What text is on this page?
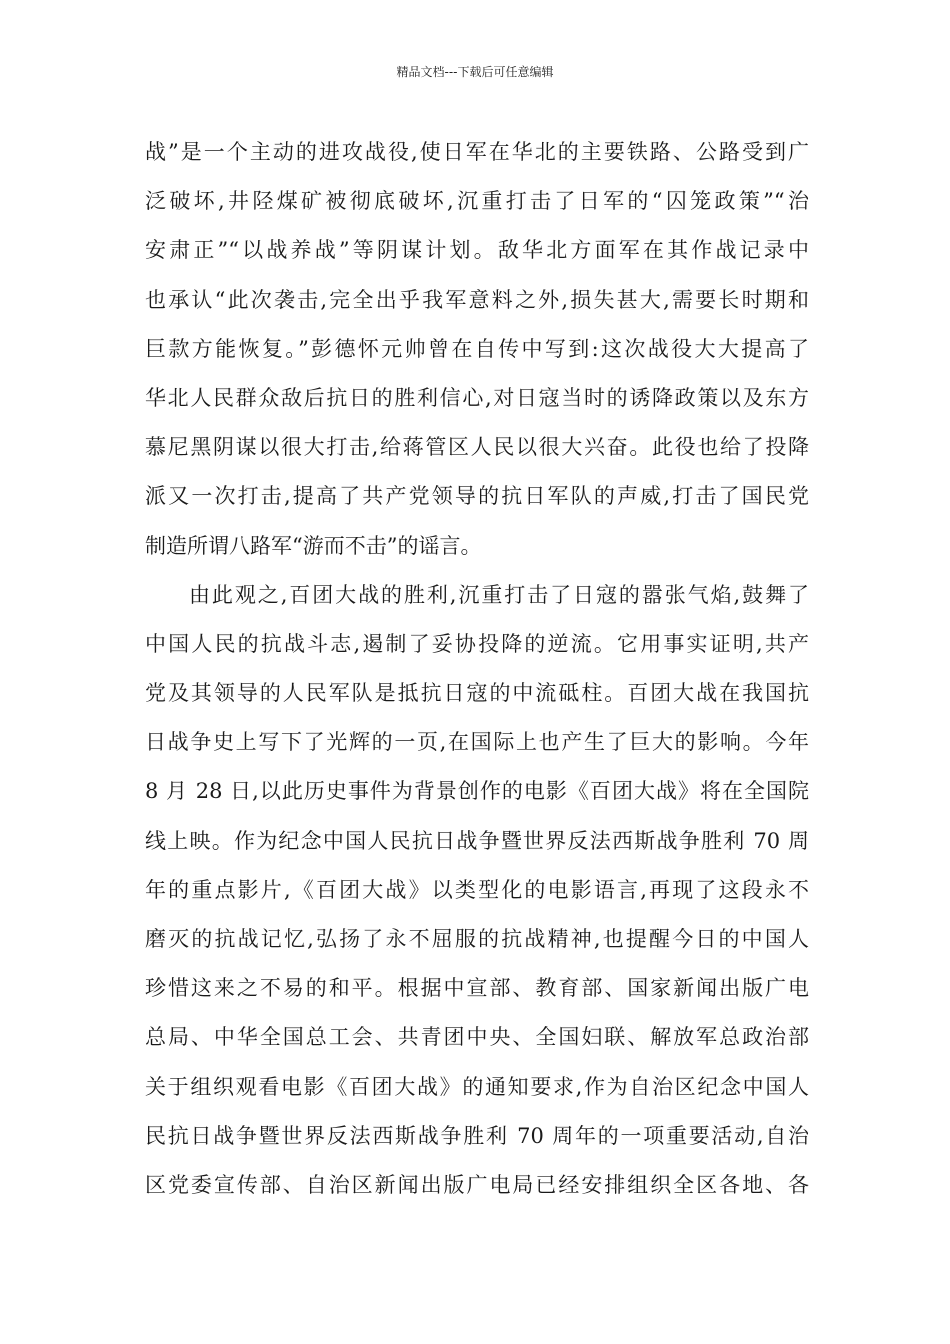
精品文档---下载后可任意编辑
战”是一个主动的进攻战役,使日军在华北的主要铁路、公路受到广
泛破坏,井陉煤矿被彻底破坏,沉重打击了日军的“囚笼政策”“治
安肃正”“以战养战”等阴谋计划。敌华北方面军在其作战记录中
也承认“此次袭击,完全出乎我军意料之外,损失甚大,需要长时期和
巨款方能恢复。”彭德怀元帅曾在自传中写到:这次战役大大提高了
华北人民群众敌后抗日的胜利信心,对日寇当时的诱降政策以及东方
慕尼黑阴谋以很大打击,给蒋管区人民以很大兴奋。此役也给了投降
派又一次打击,提高了共产党领导的抗日军队的声威,打击了国民党
制造所谓八路军“游而不击”的谣言。
由此观之,百团大战的胜利,沉重打击了日寇的嚣张气焰,鼓舞了
中国人民的抗战斗志,遏制了妥协投降的逆流。它用事实证明,共产
党及其领导的人民军队是抵抗日寇的中流砥柱。百团大战在我国抗
日战争史上写下了光辉的一页,在国际上也产生了巨大的影响。今年
8 月 28 日,以此历史事件为背景创作的电影《百团大战》将在全国院
线上映。作为纪念中国人民抗日战争暨世界反法西斯战争胜利 70 周
年的重点影片,《百团大战》以类型化的电影语言,再现了这段永不
磨灭的抗战记忆,弘扬了永不屈服的抗战精神,也提醒今日的中国人
珍惜这来之不易的和平。根据中宣部、教育部、国家新闻出版广电
总局、中华全国总工会、共青团中央、全国妇联、解放军总政治部
关于组织观看电影《百团大战》的通知要求,作为自治区纪念中国人
民抗日战争暨世界反法西斯战争胜利 70 周年的一项重要活动,自治
区党委宣传部、自治区新闻出版广电局已经安排组织全区各地、各
